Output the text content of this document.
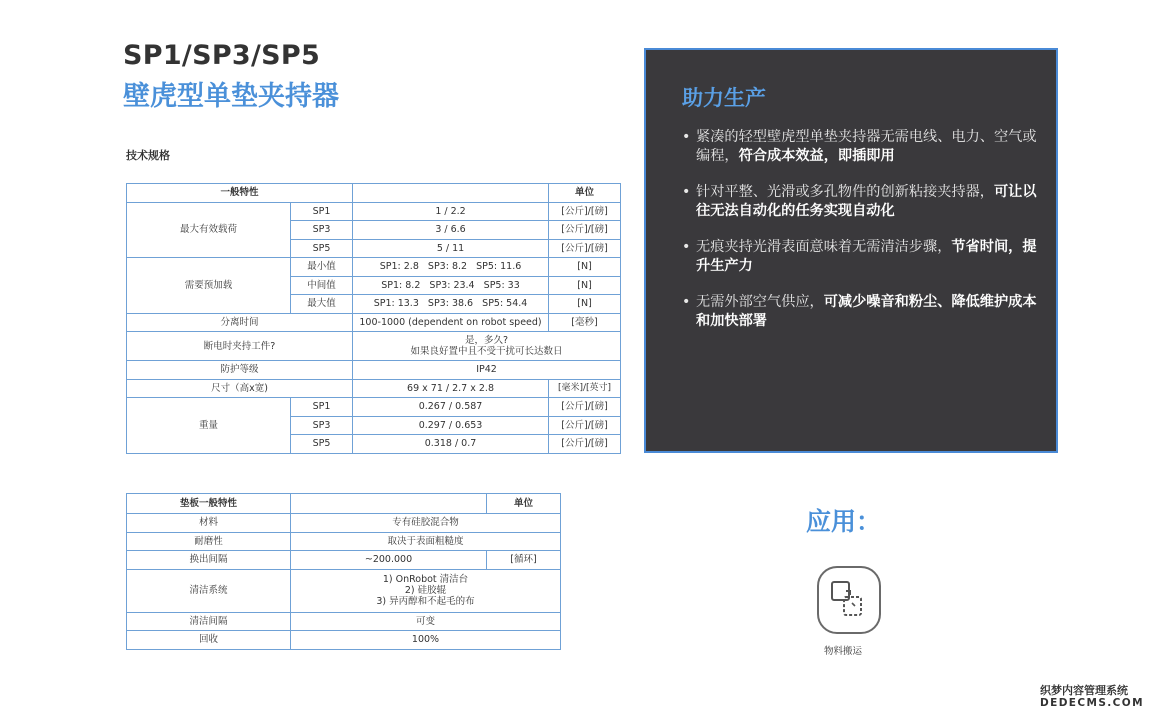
SP1/SP3/SP5
壁虎型单垫夹持器
技术规格
一般特性			单位
最大有效载荷	SP1	1 / 2.2	[公斤]/[磅]
	SP3	3 / 6.6	[公斤]/[磅]
	SP5	5 / 11	[公斤]/[磅]
需要预加载	最小值	SP1: 2.8   SP3: 8.2   SP5: 11.6	[N]
	中间值	SP1: 8.2   SP3: 23.4   SP5: 33	[N]
	最大值	SP1: 13.3   SP3: 38.6   SP5: 54.4	[N]
分离时间		100-1000 (dependent on robot speed)	[毫秒]
断电时夹持工件?		是，多久?
如果良好置中且不受干扰可长达数日	

防护等级		IP42	
尺寸（高x宽)		69 x 71 / 2.7 x 2.8	[毫米]/[英寸]
重量	SP1	0.267 / 0.587	[公斤]/[磅]
	SP3	0.297 / 0.653	[公斤]/[磅]
	SP5	0.318 / 0.7	[公斤]/[磅]
垫板一般特性		单位
材料	专有硅胶混合物	
耐磨性	取决于表面粗糙度	
换出间隔	~200.000	[循环]
清洁系统	1) OnRobot 清洁台
2) 硅胶辊
3) 异丙醇和不起毛的布	

清洁间隔	可变	
回收	100%	
助力生产
• 紧凑的轻型壁虎型单垫夹持器无需电线、电力、空气或编程，符合成本效益，即插即用
• 针对平整、光滑或多孔物件的创新粘接夹持器，可让以往无法自动化的任务实现自动化
• 无痕夹持光滑表面意味着无需清洁步骤，节省时间，提升生产力
• 无需外部空气供应，可减少噪音和粉尘、降低维护成本和加快部署
应用：
物料搬运
织梦内容管理系统
DEDECMS.COM
